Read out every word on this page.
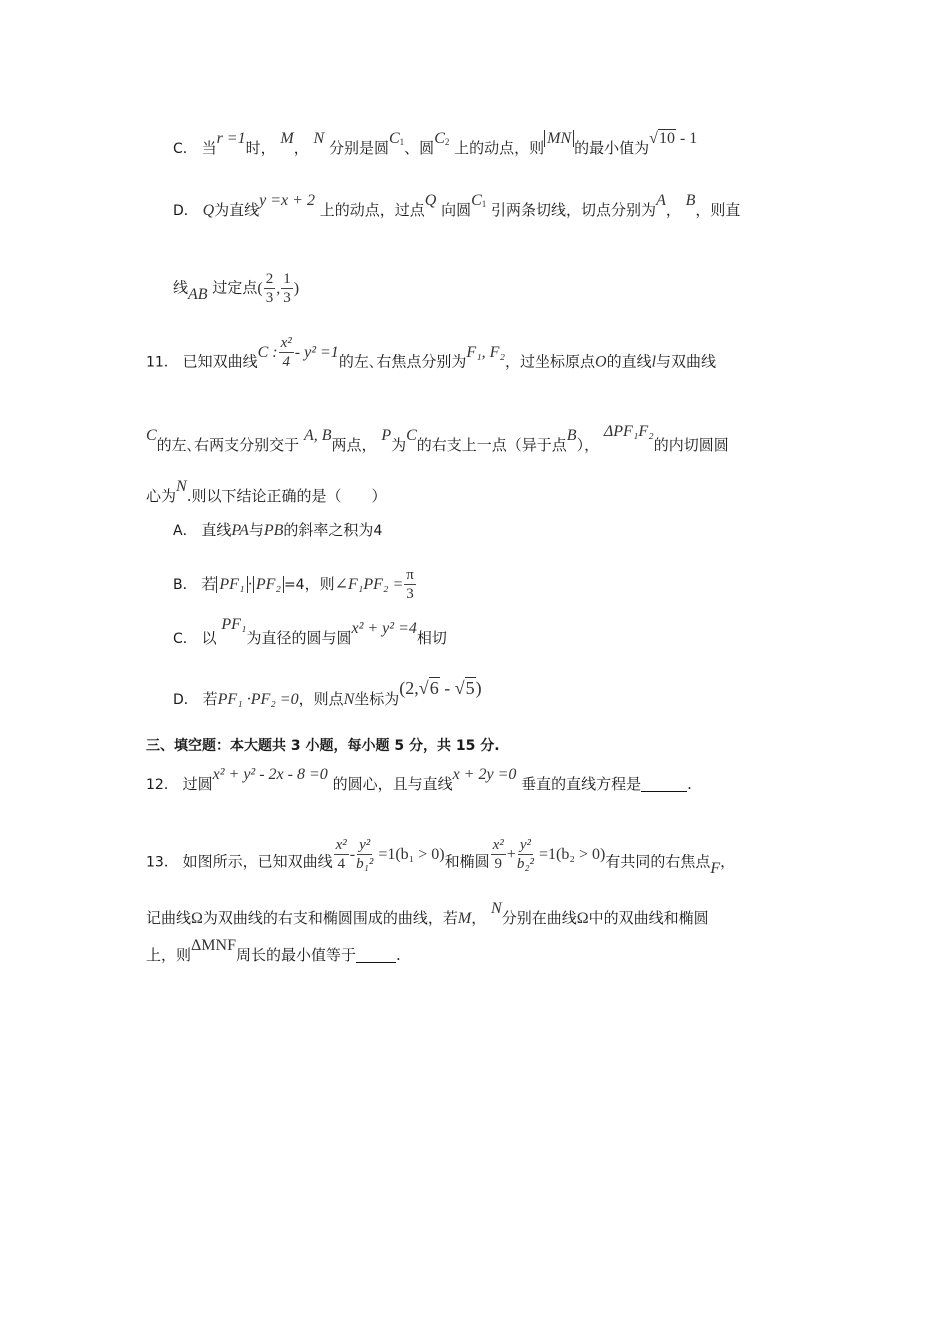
C． 当r =1时， M， N 分别是圆$C_1$、圆$C_2$ 上的动点，则MN的最小值为√10 - 1
D． Q为直线y =x + 2 上的动点，过点Q 向圆$C_1$ 引两条切线，切点分别为A， B，则直
线AB 过定点( $\frac{2}{3}$ , $\frac{1}{3}$ )
11． 已知双曲线C : $\frac{\text{x²}}{4} - y^2 =1$的左､右焦点分别为F₁, F₂，过坐标原点O的直线l与双曲线
C的左､右两支分别交于 A, B两点， P为C的右支上一点（异于点B）， ΔPF₁F₂的内切圆圆
心为N.则以下结论正确的是（　　）
A． 直线PA与PB的斜率之积为4
B． 若 PF₁ · PF₂ =4，则∠F₁PF₂ = $\frac{\pi}{3}$
C． 以 PF₁为直径的圆与圆x² + y² =4相切
D． 若PF₁ ·PF₂ =0，则点N坐标为(2,√6 - √5)
三、填空题：本大题共 3 小题，每小题 5 分，共 15 分.
12． 过圆x² + y² - 2x - 8 =0 的圆心，且与直线x + 2y =0 垂直的直线方程是	.
13． 如图所示，已知双曲线 $\frac{\text{x²}}{4} - \frac{\text{y²}}{\text{b₁²}} =1(b_1 > 0)$和椭圆 $\frac{\text{x²}}{9} + \frac{\text{y²}}{\text{b₂²}} =1(b_2 > 0)$有共同的右焦点F，
记曲线Ω为双曲线的右支和椭圆围成的曲线，若M， N分别在曲线Ω中的双曲线和椭圆
上，则ΔMNF周长的最小值等于	.
